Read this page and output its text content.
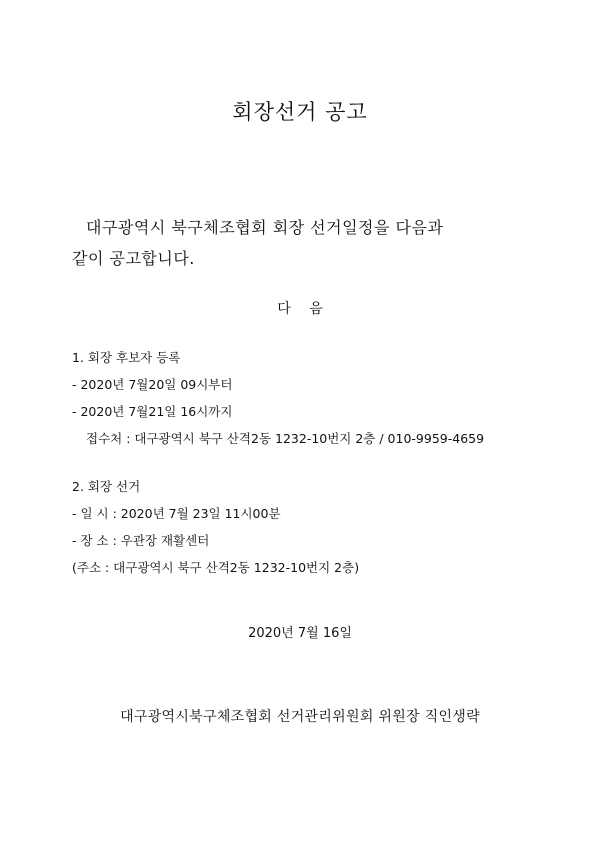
회장선거 공고
대구광역시 북구체조협회 회장 선거일정을 다음과
같이 공고합니다.
다 음
1. 회장 후보자 등록
- 2020년 7월20일 09시부터
- 2020년 7월21일 16시까지
접수처 : 대구광역시 북구 산격2동 1232-10번지 2층 / 010-9959-4659
2. 회장 선거
- 일 시 : 2020년 7월 23일 11시00분
- 장 소 : 우관장 재활센터
(주소 : 대구광역시 북구 산격2동 1232-10번지 2층)
2020년 7월 16일
대구광역시북구체조협회 선거관리위원회 위원장 직인생략
